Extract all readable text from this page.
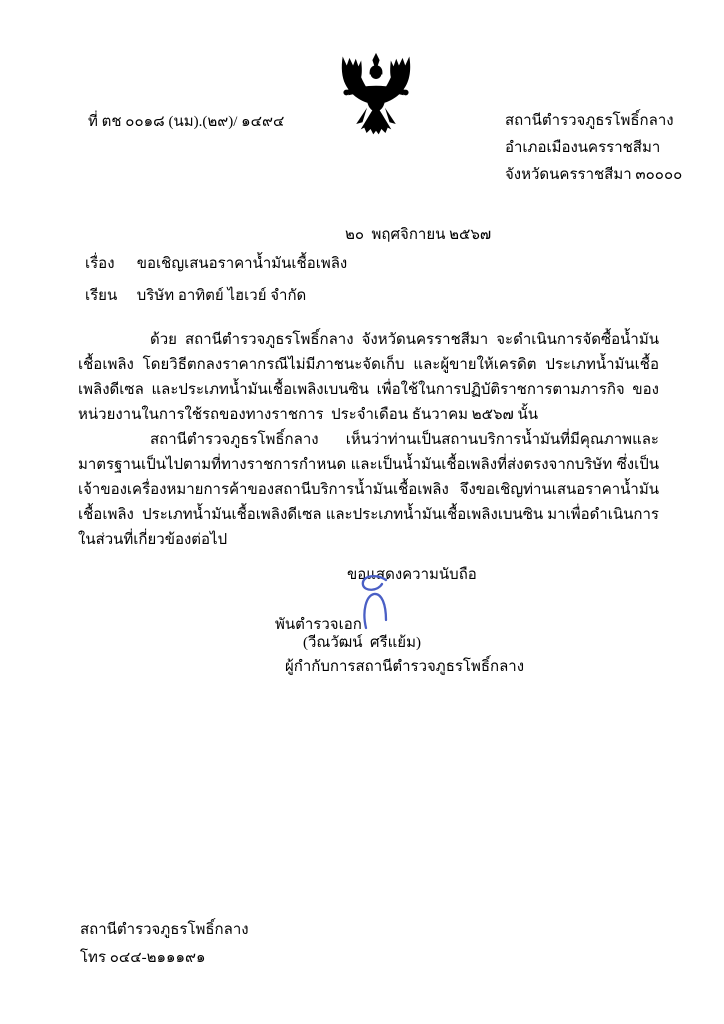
ที่ ตช ๐๐๑๘ (นม).(๒๙)/ ๑๔๙๔	สถานีตำรวจภูธรโพธิ์กลาง
อำเภอเมืองนครราชสีมา
จังหวัดนครราชสีมา ๓๐๐๐๐
๒๐  พฤศจิกายน ๒๕๖๗
เรื่อง ขอเชิญเสนอราคาน้ำมันเชื้อเพลิง
เรียน บริษัท อาทิตย์ ไฮเวย์ จำกัด

ด้วย สถานีตำรวจภูธรโพธิ์กลาง จังหวัดนครราชสีมา จะดำเนินการจัดซื้อน้ำมันเชื้อเพลิง โดยวิธีตกลงราคากรณีไม่มีภาชนะจัดเก็บ และผู้ขายให้เครดิต ประเภทน้ำมันเชื้อเพลิงดีเซล และประเภทน้ำมันเชื้อเพลิงเบนซิน เพื่อใช้ในการปฏิบัติราชการตามภารกิจ ของหน่วยงานในการใช้รถของทางราชการ  ประจำเดือน ธันวาคม ๒๕๖๗ นั้น

สถานีตำรวจภูธรโพธิ์กลาง เห็นว่าท่านเป็นสถานบริการน้ำมันที่มีคุณภาพและมาตรฐานเป็นไปตามที่ทางราชการกำหนด และเป็นน้ำมันเชื้อเพลิงที่ส่งตรงจากบริษัท ซึ่งเป็นเจ้าของเครื่องหมายการค้าของสถานีบริการน้ำมันเชื้อเพลิง จึงขอเชิญท่านเสนอราคาน้ำมันเชื้อเพลิง  ประเภทน้ำมันเชื้อเพลิงดีเซล และประเภทน้ำมันเชื้อเพลิงเบนซิน มาเพื่อดำเนินการในส่วนที่เกี่ยวข้องต่อไป

ขอแสดงความนับถือ
พันตำรวจเอก
(วีณวัฒน์  ศรีแย้ม)
ผู้กำกับการสถานีตำรวจภูธรโพธิ์กลาง
สถานีตำรวจภูธรโพธิ์กลาง
โทร ๐๔๔-๒๑๑๑๙๑
